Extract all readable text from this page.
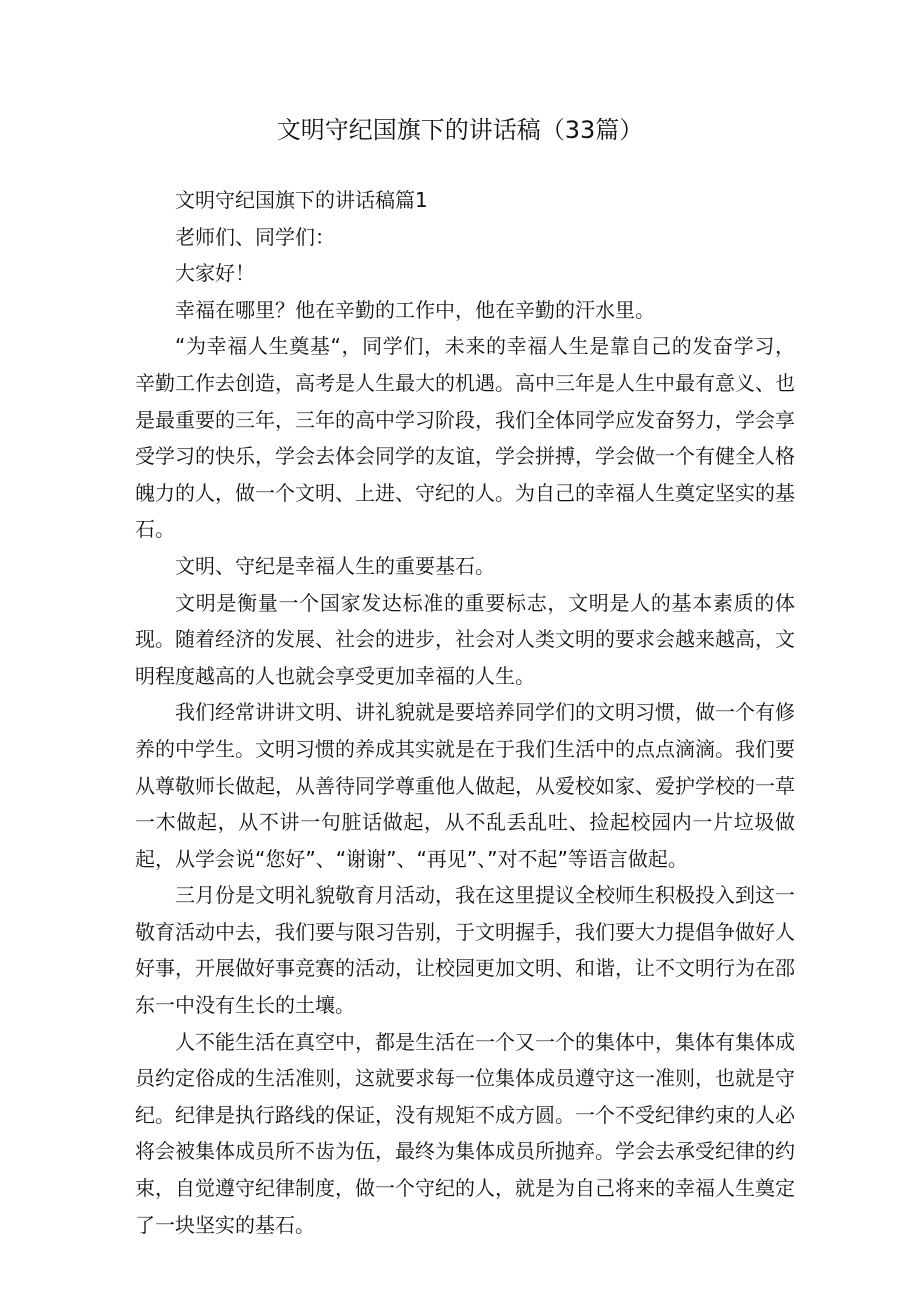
文明守纪国旗下的讲话稿（33篇）
文明守纪国旗下的讲话稿篇1
老师们、同学们：
大家好！
幸福在哪里？他在辛勤的工作中，他在辛勤的汗水里。

“为幸福人生奠基“，同学们，未来的幸福人生是靠自己的发奋学习，辛勤工作去创造，高考是人生最大的机遇。高中三年是人生中最有意义、也是最重要的三年，三年的高中学习阶段，我们全体同学应发奋努力，学会享受学习的快乐，学会去体会同学的友谊，学会拼搏，学会做一个有健全人格魄力的人，做一个文明、上进、守纪的人。为自己的幸福人生奠定坚实的基石。

文明、守纪是幸福人生的重要基石。

文明是衡量一个国家发达标准的重要标志，文明是人的基本素质的体现。随着经济的发展、社会的进步，社会对人类文明的要求会越来越高，文明程度越高的人也就会享受更加幸福的人生。

我们经常讲讲文明、讲礼貌就是要培养同学们的文明习惯，做一个有修养的中学生。文明习惯的养成其实就是在于我们生活中的点点滴滴。我们要从尊敬师长做起，从善待同学尊重他人做起，从爱校如家、爱护学校的一草一木做起，从不讲一句脏话做起，从不乱丢乱吐、捡起校园内一片垃圾做起，从学会说“您好”、“谢谢”、“再见”、”对不起”等语言做起。

三月份是文明礼貌敬育月活动，我在这里提议全校师生积极投入到这一敬育活动中去，我们要与限习告别，于文明握手，我们要大力提倡争做好人好事，开展做好事竞赛的活动，让校园更加文明、和谐，让不文明行为在邵东一中没有生长的土壤。

人不能生活在真空中，都是生活在一个又一个的集体中，集体有集体成员约定俗成的生活准则，这就要求每一位集体成员遵守这一准则，也就是守纪。纪律是执行路线的保证，没有规矩不成方圆。一个不受纪律约束的人必将会被集体成员所不齿为伍，最终为集体成员所抛弃。学会去承受纪律的约束，自觉遵守纪律制度，做一个守纪的人，就是为自己将来的幸福人生奠定了一块坚实的基石。
